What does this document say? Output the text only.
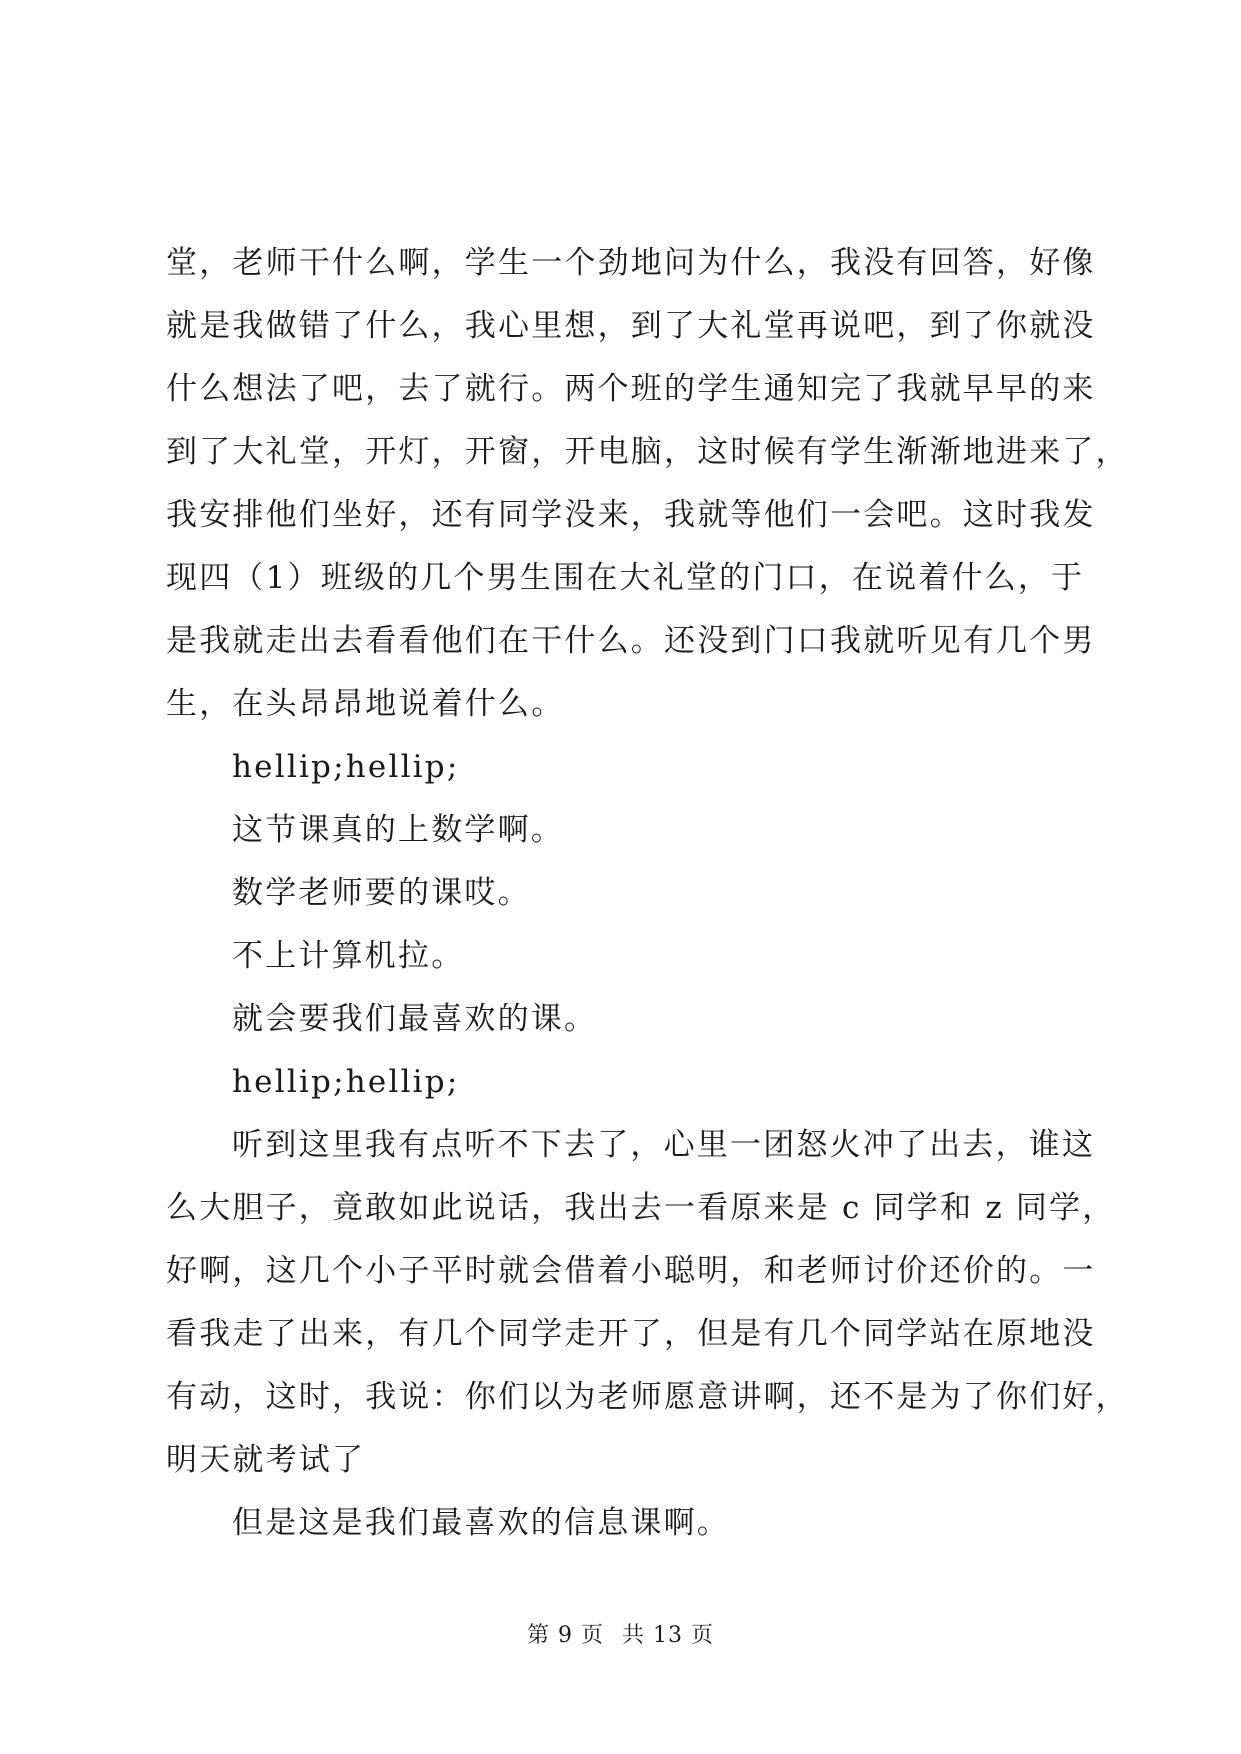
堂，老师干什么啊，学生一个劲地问为什么，我没有回答，好像
就是我做错了什么，我心里想，到了大礼堂再说吧，到了你就没
什么想法了吧，去了就行。两个班的学生通知完了我就早早的来
到了大礼堂，开灯，开窗，开电脑，这时候有学生渐渐地进来了，
我安排他们坐好，还有同学没来，我就等他们一会吧。这时我发
现四（1）班级的几个男生围在大礼堂的门口，在说着什么，于
是我就走出去看看他们在干什么。还没到门口我就听见有几个男
生，在头昂昂地说着什么。
hellip;hellip;
这节课真的上数学啊。
数学老师要的课哎。
不上计算机拉。
就会要我们最喜欢的课。
hellip;hellip;
听到这里我有点听不下去了，心里一团怒火冲了出去，谁这
么大胆子，竟敢如此说话，我出去一看原来是 c 同学和 z 同学，
好啊，这几个小子平时就会借着小聪明，和老师讨价还价的。一
看我走了出来，有几个同学走开了，但是有几个同学站在原地没
有动，这时，我说：你们以为老师愿意讲啊，还不是为了你们好，
明天就考试了
但是这是我们最喜欢的信息课啊。
第 9 页 共 13 页
